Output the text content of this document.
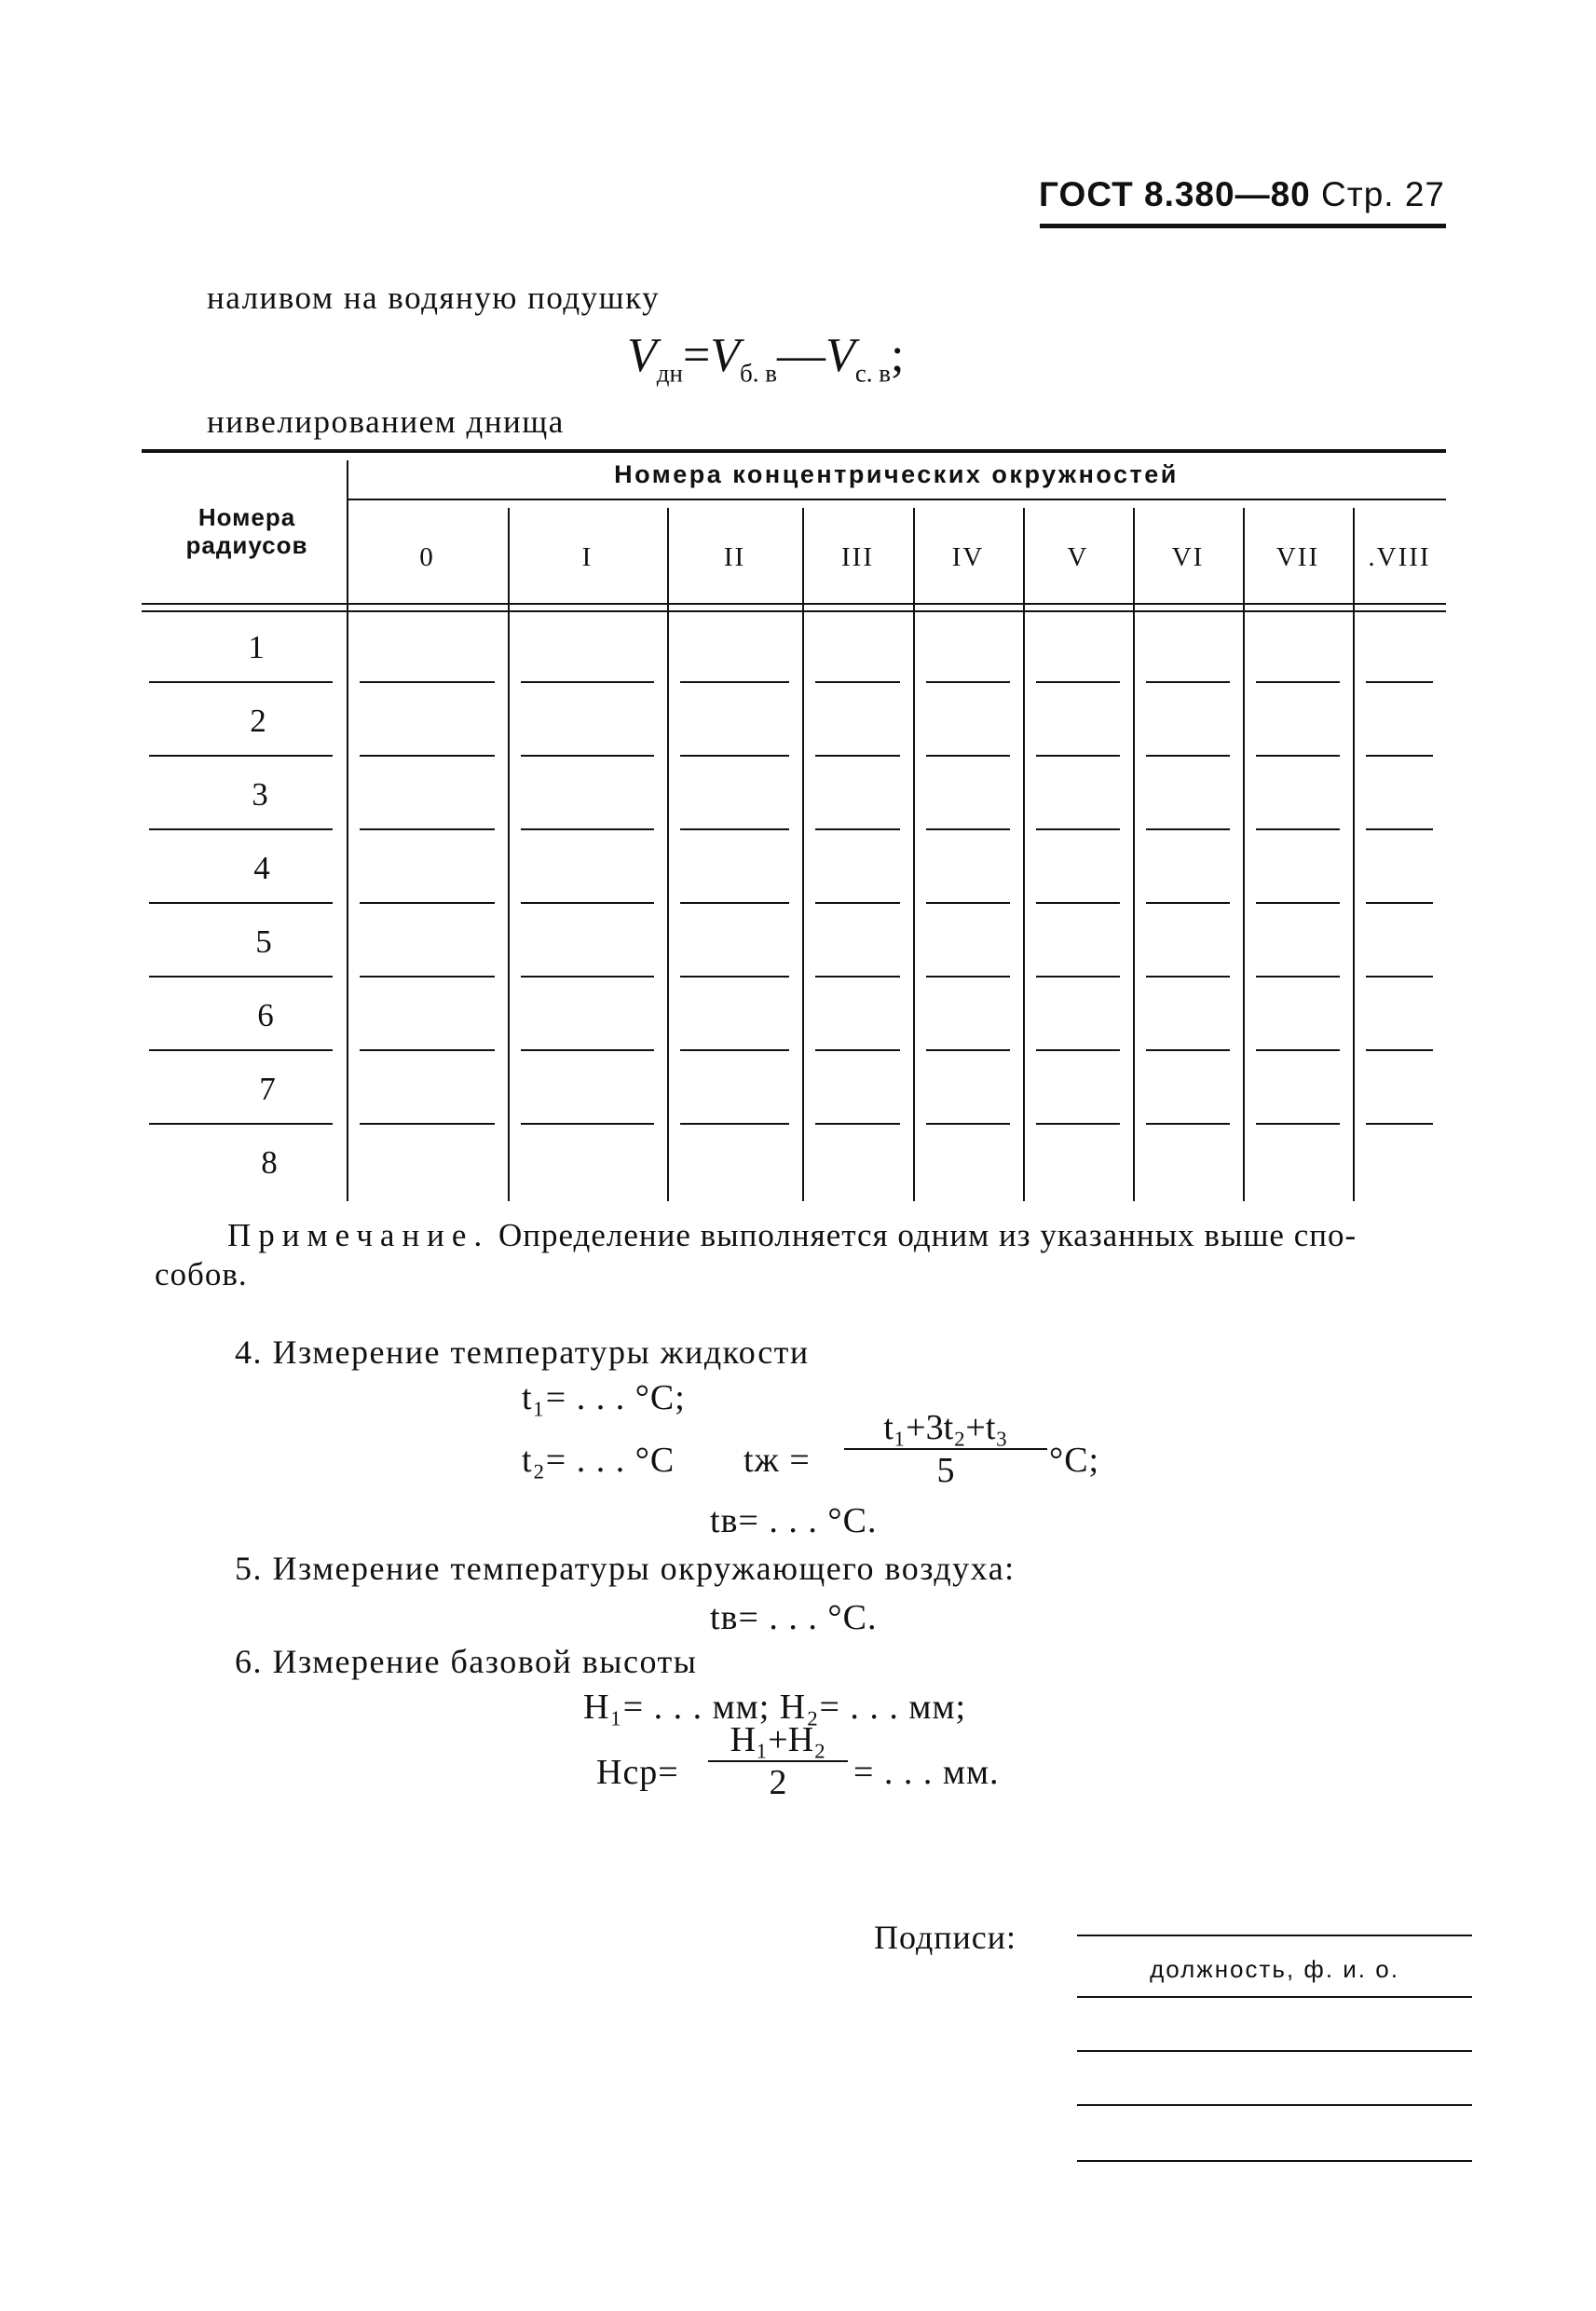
ГОСТ 8.380—80 Стр. 27
наливом на водяную подушку
$V_{дн}=V_{б. в}—V_{с. в}$;
нивелированием днища
Номера концентрических окружностей
Номера радиусов	0	I	II	III	IV	V	VI	VII	.VIII
1
2
3
4
5
6
7
8
Примечание. Определение выполняется одним из указанных выше спо-
собов.
4. Измерение температуры жидкости
t₁= . . . °C;
t₂= . . . °C tж =
t₁+3t₂+t₃
5	°C;
tв= . . . °C.
5. Измерение температуры окружающего воздуха:
tв= . . . °C.
6. Измерение базовой высоты
H₁= . . . мм; H₂= . . . мм;
Hср=
H₁+H₂
2	= . . . мм.
Подписи:
должность, ф. и. о.
